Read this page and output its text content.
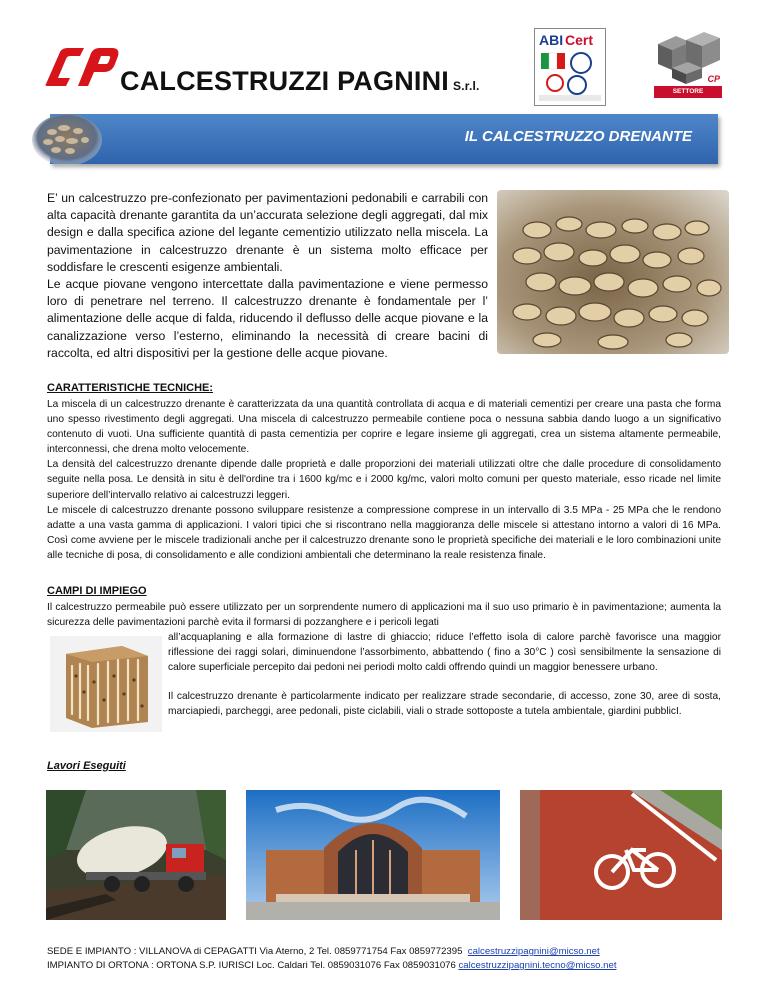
CALCESTRUZZI PAGNINI S.r.l.
ABI Cert
CP
SETTORE TECNOLOGICO
IL CALCESTRUZZO DRENANTE

E’ un calcestruzzo pre-confezionato per pavimentazioni pedonabili e carrabili con alta capacità drenante garantita da un’accurata selezione degli aggregati, dal mix design e dalla specifica azione del legante cementizio utilizzato nella miscela. La pavimentazione in calcestruzzo drenante è un sistema molto efficace per soddisfare le crescenti esigenze ambientali.

Le acque piovane vengono intercettate dalla pavimentazione e viene permesso loro di penetrare nel terreno. Il calcestruzzo drenante è fondamentale per l’ alimentazione delle acque di falda, riducendo il deflusso delle acque piovane e la canalizzazione verso l’esterno, eliminando la necessità di creare bacini di raccolta, ed altri dispositivi per la gestione delle acque piovane.

CARATTERISTICHE TECNICHE:

La miscela di un calcestruzzo drenante è caratterizzata da una quantità controllata di acqua e di materiali cementizi per creare una pasta che forma uno spesso rivestimento degli aggregati. Una miscela di calcestruzzo permeabile contiene poca o nessuna sabbia dando luogo a un significativo contenuto di vuoti. Una sufficiente quantità di pasta cementizia per coprire e legare insieme gli aggregati, crea un sistema altamente permeabile, interconnessi, che drena molto velocemente.

La densità del calcestruzzo drenante dipende dalle proprietà e dalle proporzioni dei materiali utilizzati oltre che dalle procedure di consolidamento seguite nella posa. Le densità in situ è dell'ordine tra i 1600 kg/mc e i 2000 kg/mc, valori molto comuni per questo materiale, esso ricade nel limite superiore dell’intervallo relativo ai calcestruzzi leggeri.

Le miscele di calcestruzzo drenante possono sviluppare resistenze a compressione comprese in un intervallo di 3.5 MPa - 25 MPa che le rendono adatte a una vasta gamma di applicazioni. I valori tipici che si riscontrano nella maggioranza delle miscele si attestano intorno a valori di 16 MPa. Così come avviene per le miscele tradizionali anche per il calcestruzzo drenante sono le proprietà specifiche dei materiali e le loro combinazioni unite alle tecniche di posa, di consolidamento e alle condizioni ambientali che determinano la reale resistenza finale.

CAMPI DI IMPIEGO
Il calcestruzzo permeabile può essere utilizzato per un sorprendente numero di applicazioni ma il suo uso primario è in pavimentazione; aumenta la sicurezza delle pavimentazioni parchè evita il formarsi di pozzanghere e i pericoli legati
all’acquaplaning e alla formazione di lastre di ghiaccio; riduce l’effetto isola di calore parchè favorisce una maggior riflessione dei raggi solari, diminuendone l’assorbimento, abbattendo ( fino a 30°C ) così sensibilmente la sensazione di calore superficiale percepito dai pedoni nei periodi molto caldi offrendo quindi un maggior benessere urbano.
Il calcestruzzo drenante è particolarmente indicato per realizzare strade secondarie, di accesso, zone 30, aree di sosta, marciapiedi, parcheggi, aree pedonali, piste ciclabili, viali o strade sottoposte a tutela ambientale, giardini pubblicI.
Lavori Eseguiti
SEDE E IMPIANTO : VILLANOVA di CEPAGATTI Via Aterno, 2 Tel. 0859771754 Fax 0859772395 calcestruzzipagnini@micso.net
IMPIANTO DI ORTONA : ORTONA S.P. IURISCI Loc. Caldari Tel. 0859031076 Fax 0859031076 calcestruzzipagnini.tecno@micso.net
